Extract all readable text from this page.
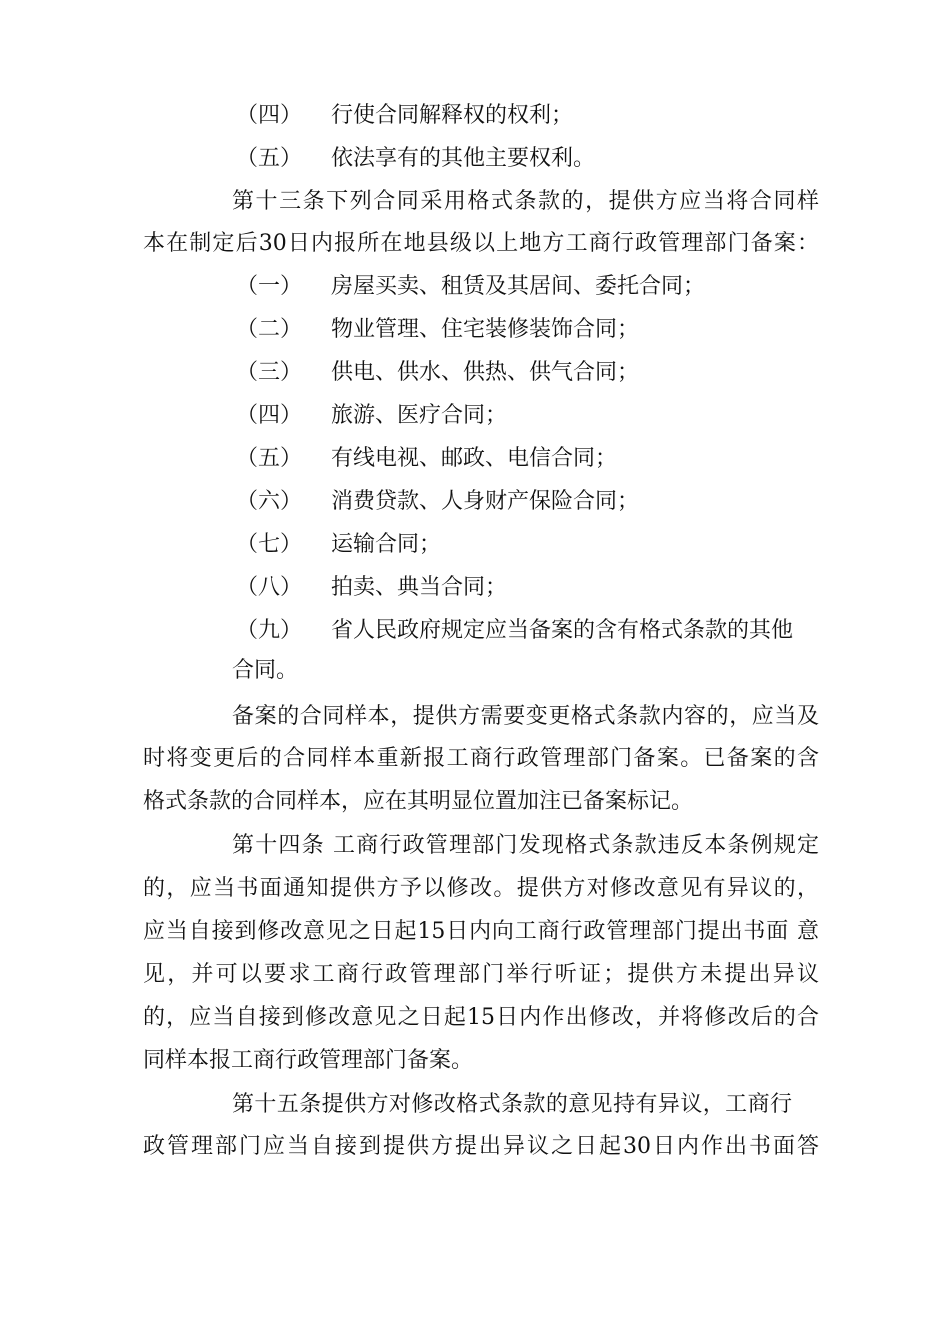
（四） 行使合同解释权的权利；
（五） 依法享有的其他主要权利。
第十三条下列合同采用格式条款的，提供方应当将合同样
本在制定后30日内报所在地县级以上地方工商行政管理部门备案：
（一） 房屋买卖、租赁及其居间、委托合同；
（二） 物业管理、住宅装修装饰合同；
（三） 供电、供水、供热、供气合同；
（四） 旅游、医疗合同；
（五） 有线电视、邮政、电信合同；
（六） 消费贷款、人身财产保险合同；
（七） 运输合同；
（八） 拍卖、典当合同；
（九） 省人民政府规定应当备案的含有格式条款的其他
合同。
备案的合同样本，提供方需要变更格式条款内容的，应当及
时将变更后的合同样本重新报工商行政管理部门备案。已备案的含
格式条款的合同样本，应在其明显位置加注已备案标记。
第十四条 工商行政管理部门发现格式条款违反本条例规定
的，应当书面通知提供方予以修改。提供方对修改意见有异议的，
应当自接到修改意见之日起15日内向工商行政管理部门提出书面 意
见，并可以要求工商行政管理部门举行听证；提供方未提出异议
的，应当自接到修改意见之日起15日内作出修改，并将修改后的合
同样本报工商行政管理部门备案。
第十五条提供方对修改格式条款的意见持有异议，工商行
政管理部门应当自接到提供方提出异议之日起30日内作出书面答
